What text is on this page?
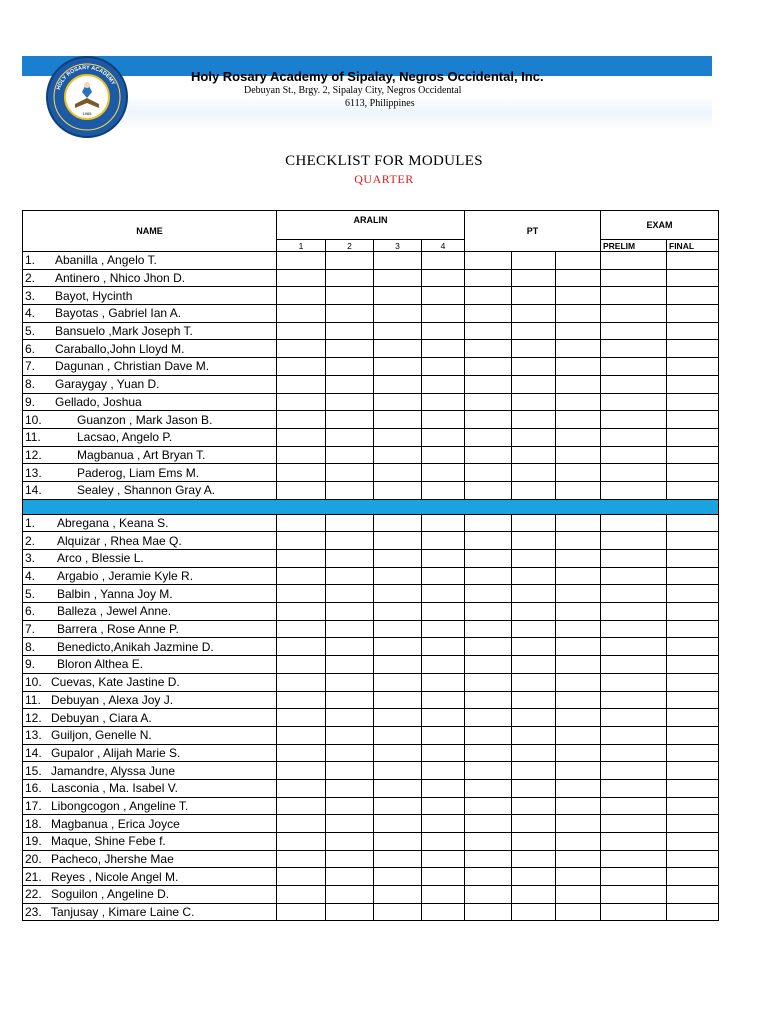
HOLY ROSARY ACADEMY
1965
Holy Rosary Academy of Sipalay, Negros Occidental, Inc.
Debuyan St., Brgy. 2, Sipalay City, Negros Occidental
6113, Philippines
CHECKLIST FOR MODULES
QUARTER
NAME	ARALIN				PT			EXAM	
	1	2	3	4				PRELIM	FINAL
1. Abanilla , Angelo T.									
2. Antinero , Nhico Jhon D.									
3. Bayot, Hycinth									
4. Bayotas , Gabriel Ian A.									
5. Bansuelo ,Mark Joseph T.									
6. Caraballo,John Lloyd M.									
7. Dagunan , Christian Dave M.									
8. Garaygay , Yuan D.									
9. Gellado, Joshua									
10. Guanzon , Mark Jason B.									
11. Lacsao, Angelo P.									
12. Magbanua , Art Bryan T.									
13. Paderog, Liam Ems M.									
14. Sealey , Shannon Gray A.									

1. Abregana , Keana S.									
2. Alquizar , Rhea Mae Q.									
3. Arco , Blessie L.									
4. Argabio , Jeramie Kyle R.									
5. Balbin , Yanna Joy M.									
6. Balleza , Jewel Anne.									
7. Barrera , Rose Anne P.									
8. Benedicto,Anikah Jazmine D.									
9. Bloron Althea E.									
10. Cuevas, Kate Jastine D.									
11. Debuyan , Alexa Joy J.									
12. Debuyan , Ciara A.									
13. Guiljon, Genelle N.									
14. Gupalor , Alijah Marie S.									
15. Jamandre, Alyssa June									
16. Lasconia , Ma. Isabel V.									
17. Libongcogon , Angeline T.									
18. Magbanua , Erica Joyce									
19. Maque, Shine Febe f.									
20. Pacheco, Jhershe Mae									
21. Reyes , Nicole Angel M.									
22. Soguilon , Angeline D.									
23. Tanjusay , Kimare Laine C.									
